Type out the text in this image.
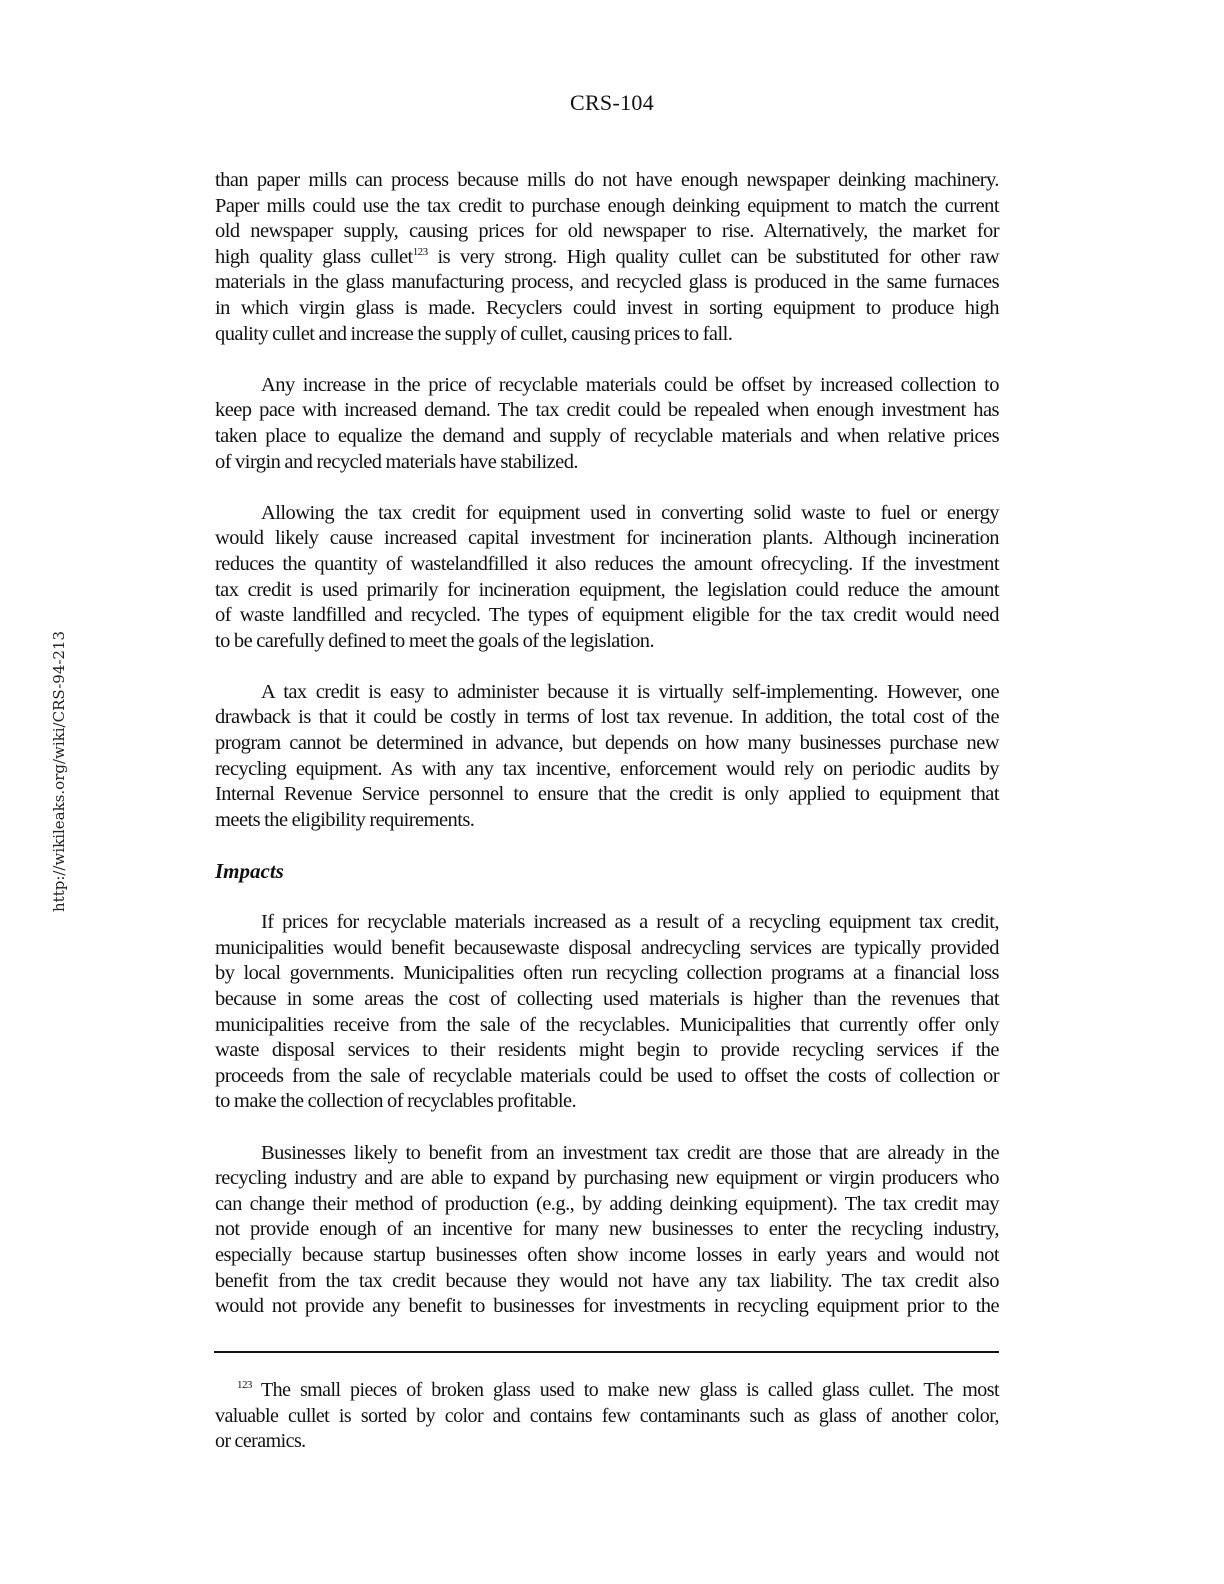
CRS-104
http://wikileaks.org/wiki/CRS-94-213
than paper mills can process because mills do not have enough newspaper deinking machinery.
Paper mills could use the tax credit to purchase enough deinking equipment to match the current
old newspaper supply, causing prices for old newspaper to rise. Alternatively, the market for
high quality glass cullet$^{123}$ is very strong. High quality cullet can be substituted for other raw
materials in the glass manufacturing process, and recycled glass is produced in the same furnaces
in which virgin glass is made. Recyclers could invest in sorting equipment to produce high
quality cullet and increase the supply of cullet, causing prices to fall.
Any increase in the price of recyclable materials could be offset by increased collection to
keep pace with increased demand. The tax credit could be repealed when enough investment has
taken place to equalize the demand and supply of recyclable materials and when relative prices
of virgin and recycled materials have stabilized.
Allowing the tax credit for equipment used in converting solid waste to fuel or energy
would likely cause increased capital investment for incineration plants. Although incineration
reduces the quantity of wastelandfilled it also reduces the amount ofrecycling. If the investment
tax credit is used primarily for incineration equipment, the legislation could reduce the amount
of waste landfilled and recycled. The types of equipment eligible for the tax credit would need
to be carefully defined to meet the goals of the legislation.
A tax credit is easy to administer because it is virtually self-implementing. However, one
drawback is that it could be costly in terms of lost tax revenue. In addition, the total cost of the
program cannot be determined in advance, but depends on how many businesses purchase new
recycling equipment. As with any tax incentive, enforcement would rely on periodic audits by
Internal Revenue Service personnel to ensure that the credit is only applied to equipment that
meets the eligibility requirements.
Impacts
If prices for recyclable materials increased as a result of a recycling equipment tax credit,
municipalities would benefit becausewaste disposal andrecycling services are typically provided
by local governments. Municipalities often run recycling collection programs at a financial loss
because in some areas the cost of collecting used materials is higher than the revenues that
municipalities receive from the sale of the recyclables. Municipalities that currently offer only
waste disposal services to their residents might begin to provide recycling services if the
proceeds from the sale of recyclable materials could be used to offset the costs of collection or
to make the collection of recyclables profitable.
Businesses likely to benefit from an investment tax credit are those that are already in the
recycling industry and are able to expand by purchasing new equipment or virgin producers who
can change their method of production (e.g., by adding deinking equipment). The tax credit may
not provide enough of an incentive for many new businesses to enter the recycling industry,
especially because startup businesses often show income losses in early years and would not
benefit from the tax credit because they would not have any tax liability. The tax credit also
would not provide any benefit to businesses for investments in recycling equipment prior to the
$^{123}$ The small pieces of broken glass used to make new glass is called glass cullet. The most
valuable cullet is sorted by color and contains few contaminants such as glass of another color,
or ceramics.
